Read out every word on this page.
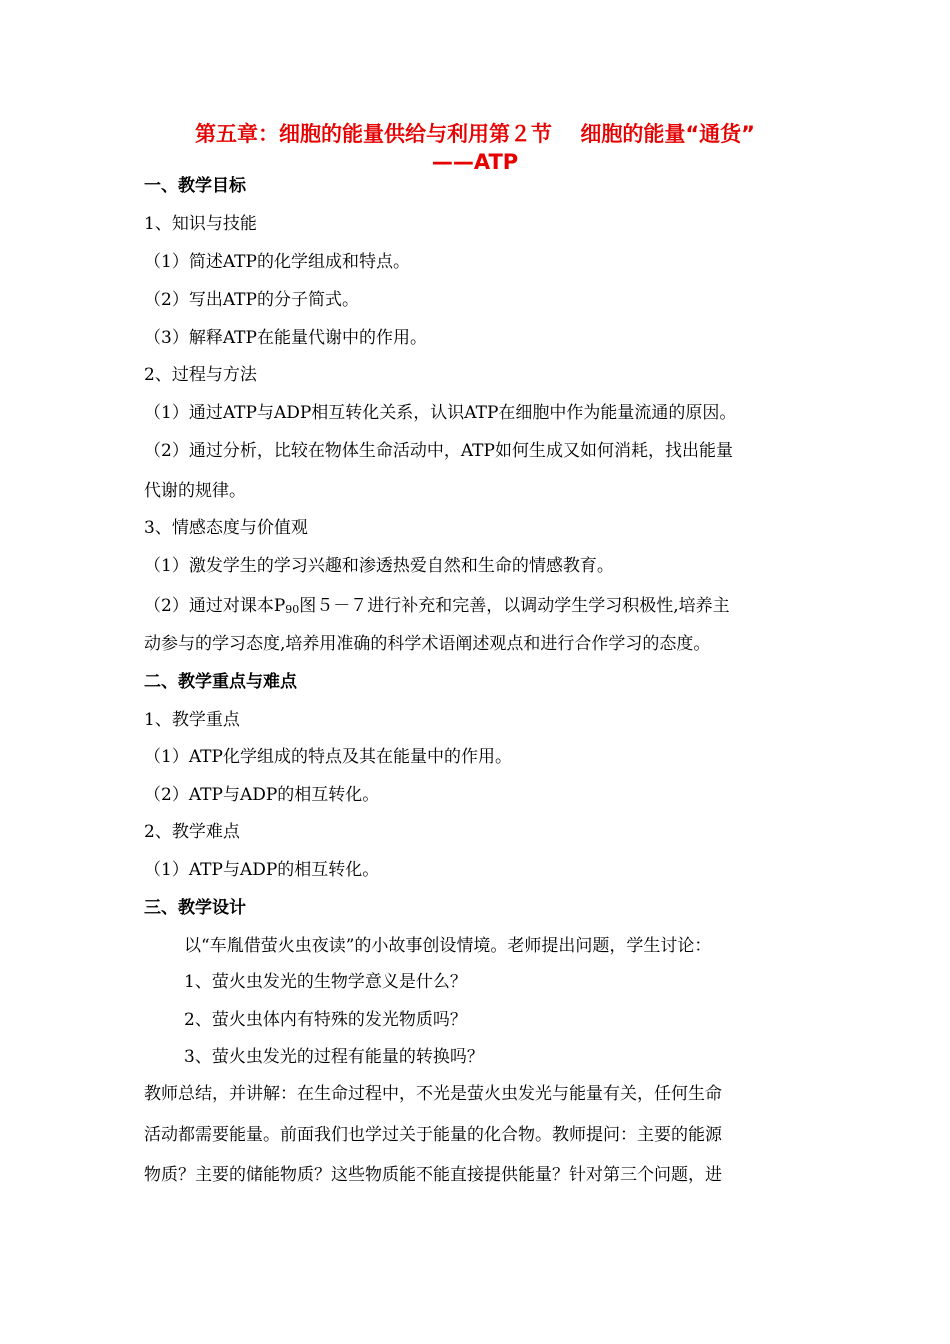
第五章：细胞的能量供给与利用第２节　 细胞的能量“通货”
——ATP
一、教学目标
1、知识与技能
（1）简述ATP的化学组成和特点。
（2）写出ATP的分子简式。
（3）解释ATP在能量代谢中的作用。
2、过程与方法
（1）通过ATP与ADP相互转化关系，认识ATP在细胞中作为能量流通的原因。
（2）通过分析，比较在物体生命活动中，ATP如何生成又如何消耗，找出能量
代谢的规律。
3、情感态度与价值观
（1）激发学生的学习兴趣和渗透热爱自然和生命的情感教育。
（2）通过对课本$P_{90}$图５－７进行补充和完善，以调动学生学习积极性,培养主
动参与的学习态度,培养用准确的科学术语阐述观点和进行合作学习的态度。
二、教学重点与难点
1、教学重点
（1）ATP化学组成的特点及其在能量中的作用。
（2）ATP与ADP的相互转化。
2、教学难点
（1）ATP与ADP的相互转化。
三、教学设计
以“车胤借萤火虫夜读”的小故事创设情境。老师提出问题，学生讨论：
1、萤火虫发光的生物学意义是什么？
2、萤火虫体内有特殊的发光物质吗？
3、萤火虫发光的过程有能量的转换吗？
教师总结，并讲解：在生命过程中，不光是萤火虫发光与能量有关，任何生命
活动都需要能量。前面我们也学过关于能量的化合物。教师提问：主要的能源
物质？主要的储能物质？这些物质能不能直接提供能量？针对第三个问题，进
